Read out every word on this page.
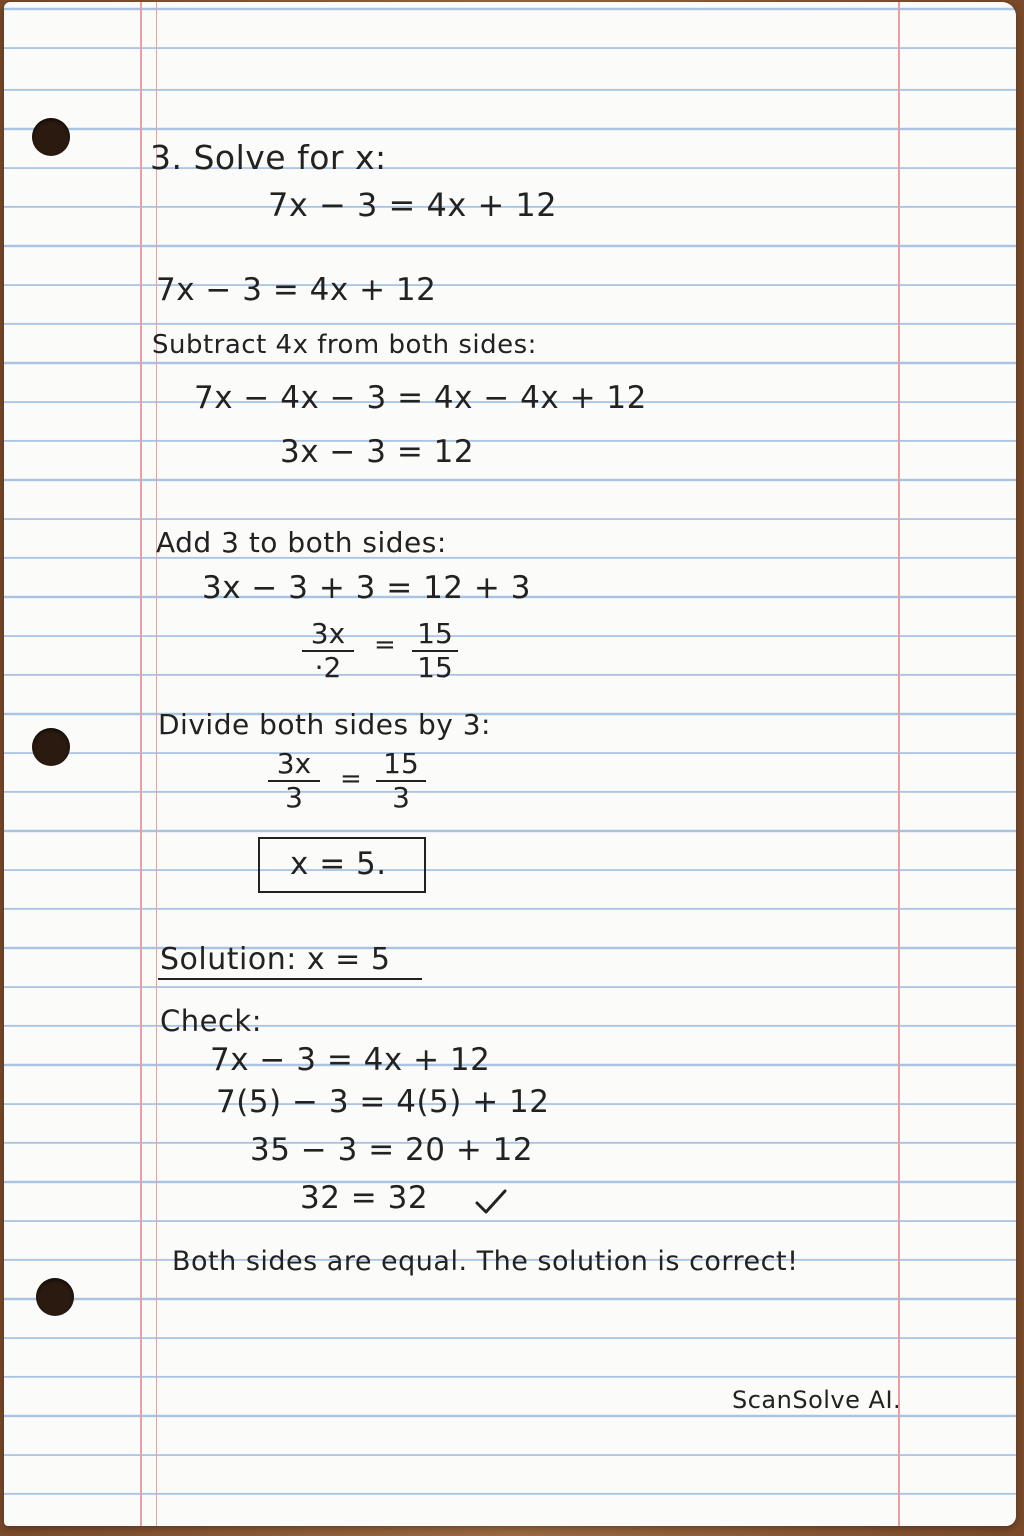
3. Solve for x:
7x − 3 = 4x + 12
7x − 3 = 4x + 12
Subtract 4x from both sides:
7x − 4x − 3 = 4x − 4x + 12
3x − 3 = 12
Add 3 to both sides:
3x − 3 + 3 = 12 + 3
3x
·2
= 15
15
Divide both sides by 3:
3x
3
= 15
3
x = 5.
Solution: x = 5
Check:
7x − 3 = 4x + 12
7(5) − 3 = 4(5) + 12
35 − 3 = 20 + 12
32 = 32
Both sides are equal. The solution is correct!
ScanSolve AI.
